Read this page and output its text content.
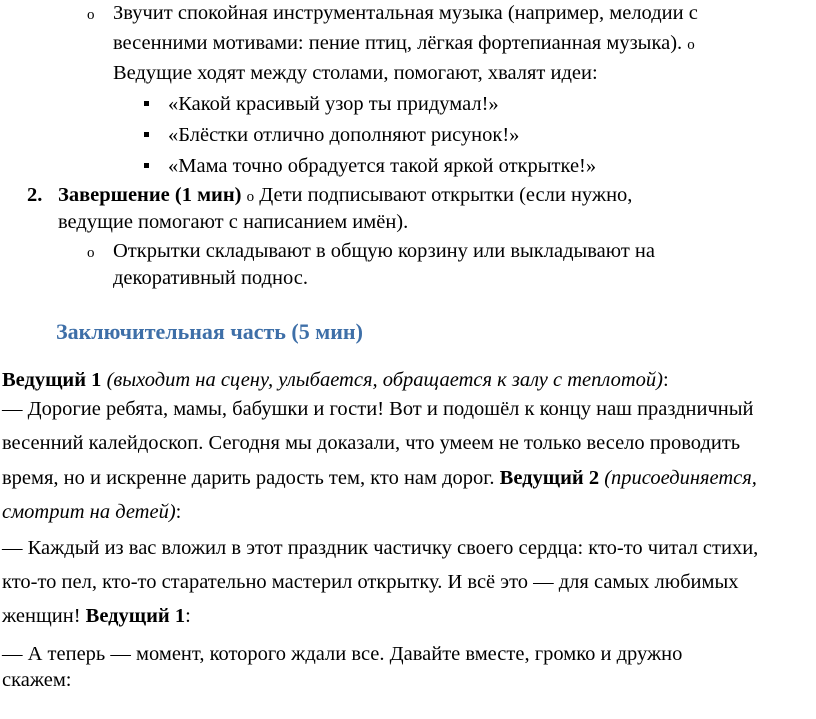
o Звучит спокойная инструментальная музыка (например, мелодии с
весенними мотивами: пение птиц, лёгкая фортепианная музыка). o
Ведущие ходят между столами, помогают, хвалят идеи:
«Какой красивый узор ты придумал!»
«Блёстки отлично дополняют рисунок!»
«Мама точно обрадуется такой яркой открытке!»
2. Завершение (1 мин) o Дети подписывают открытки (если нужно,
ведущие помогают с написанием имён).
o Открытки складывают в общую корзину или выкладывают на
декоративный поднос.
Заключительная часть (5 мин)
Ведущий 1 (выходит на сцену, улыбается, обращается к залу с теплотой):
— Дорогие ребята, мамы, бабушки и гости! Вот и подошёл к концу наш праздничный
весенний калейдоскоп. Сегодня мы доказали, что умеем не только весело проводить
время, но и искренне дарить радость тем, кто нам дорог. Ведущий 2 (присоединяется,
смотрит на детей):
— Каждый из вас вложил в этот праздник частичку своего сердца: кто-то читал стихи,
кто-то пел, кто-то старательно мастерил открытку. И всё это — для самых любимых
женщин! Ведущий 1:
— А теперь — момент, которого ждали все. Давайте вместе, громко и дружно
скажем:
